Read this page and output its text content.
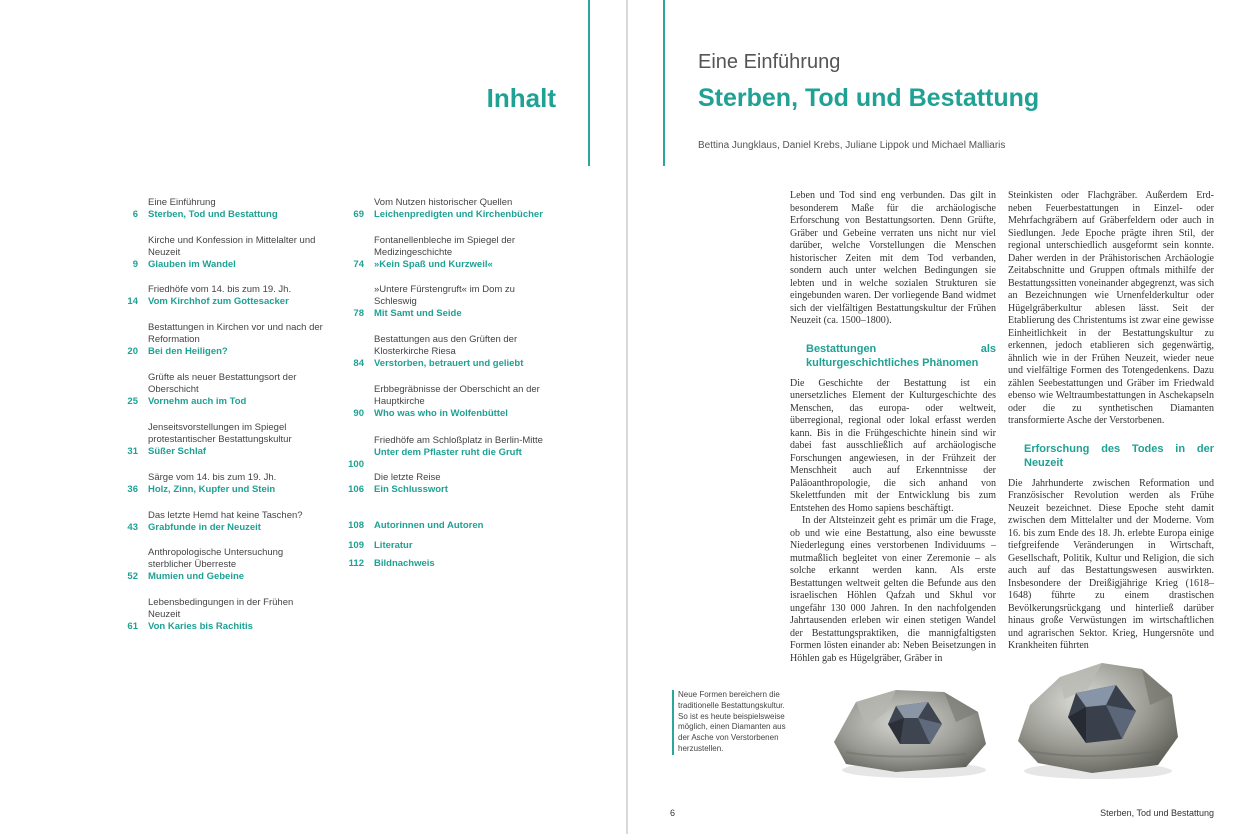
Inhalt
Eine Einführung
Sterben, Tod und Bestattung
6
Kirche und Konfession in Mittelalter und Neuzeit
Glauben im Wandel
9
Friedhöfe vom 14. bis zum 19. Jh.
Vom Kirchhof zum Gottesacker
14
Bestattungen in Kirchen vor und nach der Reformation
Bei den Heiligen?
20
Grüfte als neuer Bestattungsort der Oberschicht
Vornehm auch im Tod
25
Jenseitsvorstellungen im Spiegel protestantischer Bestattungskultur
Süßer Schlaf
31
Särge vom 14. bis zum 19. Jh.
Holz, Zinn, Kupfer und Stein
36
Das letzte Hemd hat keine Taschen?
Grabfunde in der Neuzeit
43
Anthropologische Untersuchung sterblicher Überreste
Mumien und Gebeine
52
Lebensbedingungen in der Frühen Neuzeit
Von Karies bis Rachitis
61
Vom Nutzen historischer Quellen
Leichenpredigten und Kirchenbücher
69
Fontanellenbleche im Spiegel der Medizingeschichte
»Kein Spaß und Kurzweil«
74
»Untere Fürstengruft« im Dom zu Schleswig
Mit Samt und Seide
78
Bestattungen aus den Grüften der Klosterkirche Riesa
Verstorben, betrauert und geliebt
84
Erbbegräbnisse der Oberschicht an der Hauptkirche
Who was who in Wolfenbüttel
90
Friedhöfe am Schloßplatz in Berlin-Mitte
Unter dem Pflaster ruht die Gruft
100
Die letzte Reise
Ein Schlusswort
106
Autorinnen und Autoren
108
Literatur
109
Bildnachweis
112
Eine Einführung
Sterben, Tod und Bestattung
Bettina Jungklaus, Daniel Krebs, Juliane Lippok und Michael Malliaris

Leben und Tod sind eng verbunden. Das gilt in besonderem Maße für die archäologische Erforschung von Bestattungsorten. Denn Grüfte, Gräber und Gebeine verraten uns nicht nur viel darüber, welche Vorstellungen die Menschen historischer Zeiten mit dem Tod verbanden, sondern auch unter welchen Bedingungen sie lebten und in welche sozialen Strukturen sie eingebunden waren. Der vorliegende Band widmet sich der vielfältigen Bestattungskultur der Frühen Neuzeit (ca. 1500–1800).

Bestattungen als kulturgeschichtliches Phänomen

Die Geschichte der Bestattung ist ein unersetzliches Element der Kulturgeschichte des Menschen, das europa- oder weltweit, überregional, regional oder lokal erfasst werden kann. Bis in die Frühgeschichte hinein sind wir dabei fast ausschließlich auf archäologische Forschungen angewiesen, in der Frühzeit der Menschheit auch auf Erkenntnisse der Paläoanthropologie, die sich anhand von Skelettfunden mit der Entwicklung bis zum Entstehen des Homo sapiens beschäftigt.

In der Altsteinzeit geht es primär um die Frage, ob und wie eine Bestattung, also eine bewusste Niederlegung eines verstorbenen Individuums – mutmaßlich begleitet von einer Zeremonie – als solche erkannt werden kann. Als erste Bestattungen weltweit gelten die Befunde aus den israelischen Höhlen Qafzah und Skhul vor ungefähr 130 000 Jahren. In den nachfolgenden Jahrtausenden erleben wir einen stetigen Wandel der Bestattungspraktiken, die mannigfaltigsten Formen lösten einander ab: Neben Beisetzungen in Höhlen gab es Hügelgräber, Gräber in

Steinkisten oder Flachgräber. Außerdem Erd- neben Feuerbestattungen in Einzel- oder Mehrfachgräbern auf Gräberfeldern oder auch in Siedlungen. Jede Epoche prägte ihren Stil, der regional unterschiedlich ausgeformt sein konnte. Daher werden in der Prähistorischen Archäologie Zeitabschnitte und Gruppen oftmals mithilfe der Bestattungssitten voneinander abgegrenzt, was sich an Bezeichnungen wie Urnenfelderkultur oder Hügelgräberkultur ablesen lässt. Seit der Etablierung des Christentums ist zwar eine gewisse Einheitlichkeit in der Bestattungskultur zu erkennen, jedoch etablieren sich gegenwärtig, ähnlich wie in der Frühen Neuzeit, wieder neue und vielfältige Formen des Totengedenkens. Dazu zählen Seebestattungen und Gräber im Friedwald ebenso wie Weltraumbestattungen in Aschekapseln oder die zu synthetischen Diamanten transformierte Asche der Verstorbenen.

Erforschung des Todes in der Neuzeit

Die Jahrhunderte zwischen Reformation und Französischer Revolution werden als Frühe Neuzeit bezeichnet. Diese Epoche steht damit zwischen dem Mittelalter und der Moderne. Vom 16. bis zum Ende des 18. Jh. erlebte Europa einige tiefgreifende Veränderungen in Wirtschaft, Gesellschaft, Politik, Kultur und Religion, die sich auch auf das Bestattungswesen auswirkten. Insbesondere der Dreißigjährige Krieg (1618–1648) führte zu einem drastischen Bevölkerungsrückgang und hinterließ darüber hinaus große Verwüstungen im wirtschaftlichen und agrarischen Sektor. Krieg, Hungersnöte und Krankheiten führten

Neue Formen bereichern die traditionelle Bestattungskultur. So ist es heute beispielsweise möglich, einen Diamanten aus der Asche von Verstorbenen herzustellen.
6	Sterben, Tod und Bestattung
